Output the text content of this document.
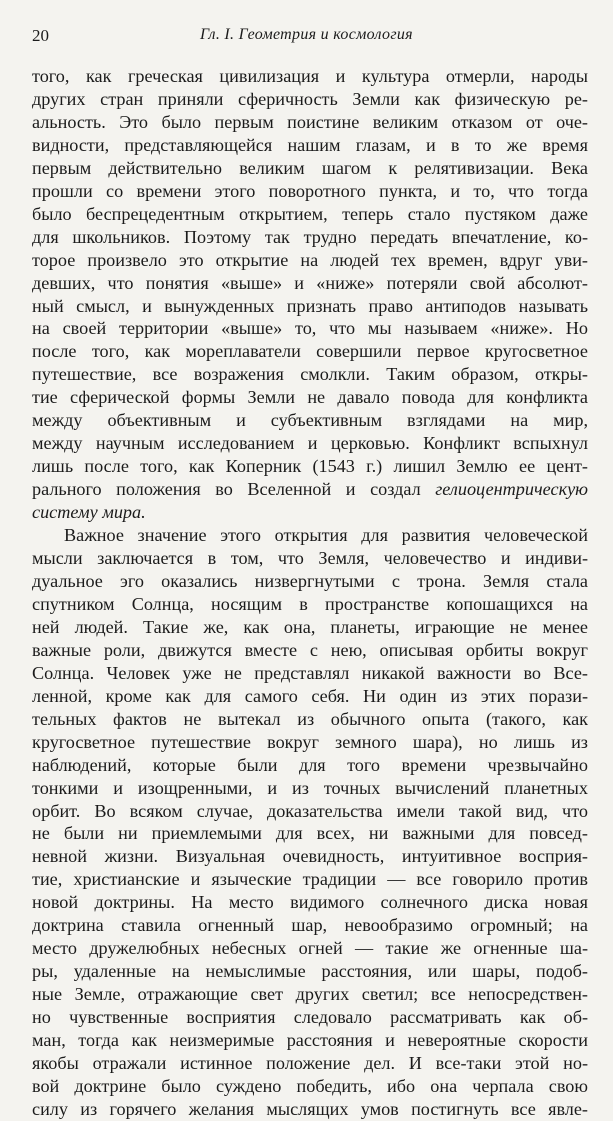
20	Гл. I. Геометрия и космология
того, как греческая цивилизация и культура отмерли, народы
других стран приняли сферичность Земли как физическую ре-
альность. Это было первым поистине великим отказом от оче-
видности, представляющейся нашим глазам, и в то же время
первым действительно великим шагом к релятивизации. Века
прошли со времени этого поворотного пункта, и то, что тогда
было беспрецедентным открытием, теперь стало пустяком даже
для школьников. Поэтому так трудно передать впечатление, ко-
торое произвело это открытие на людей тех времен, вдруг уви-
девших, что понятия «выше» и «ниже» потеряли свой абсолют-
ный смысл, и вынужденных признать право антиподов называть
на своей территории «выше» то, что мы называем «ниже». Но
после того, как мореплаватели совершили первое кругосветное
путешествие, все возражения смолкли. Таким образом, откры-
тие сферической формы Земли не давало повода для конфликта
между объективным и субъективным взглядами на мир,
между научным исследованием и церковью. Конфликт вспыхнул
лишь после того, как Коперник (1543 г.) лишил Землю ее цент-
рального положения во Вселенной и создал гелиоцентрическую
систему мира.
Важное значение этого открытия для развития человеческой
мысли заключается в том, что Земля, человечество и индиви-
дуальное эго оказались низвергнутыми с трона. Земля стала
спутником Солнца, носящим в пространстве копошащихся на
ней людей. Такие же, как она, планеты, играющие не менее
важные роли, движутся вместе с нею, описывая орбиты вокруг
Солнца. Человек уже не представлял никакой важности во Все-
ленной, кроме как для самого себя. Ни один из этих порази-
тельных фактов не вытекал из обычного опыта (такого, как
кругосветное путешествие вокруг земного шара), но лишь из
наблюдений, которые были для того времени чрезвычайно
тонкими и изощренными, и из точных вычислений планетных
орбит. Во всяком случае, доказательства имели такой вид, что
не были ни приемлемыми для всех, ни важными для повсед-
невной жизни. Визуальная очевидность, интуитивное восприя-
тие, христианские и языческие традиции — все говорило против
новой доктрины. На место видимого солнечного диска новая
доктрина ставила огненный шар, невообразимо огромный; на
место дружелюбных небесных огней — такие же огненные ша-
ры, удаленные на немыслимые расстояния, или шары, подоб-
ные Земле, отражающие свет других светил; все непосредствен-
но чувственные восприятия следовало рассматривать как об-
ман, тогда как неизмеримые расстояния и невероятные скорости
якобы отражали истинное положение дел. И все-таки этой но-
вой доктрине было суждено победить, ибо она черпала свою
силу из горячего желания мыслящих умов постигнуть все явле-
